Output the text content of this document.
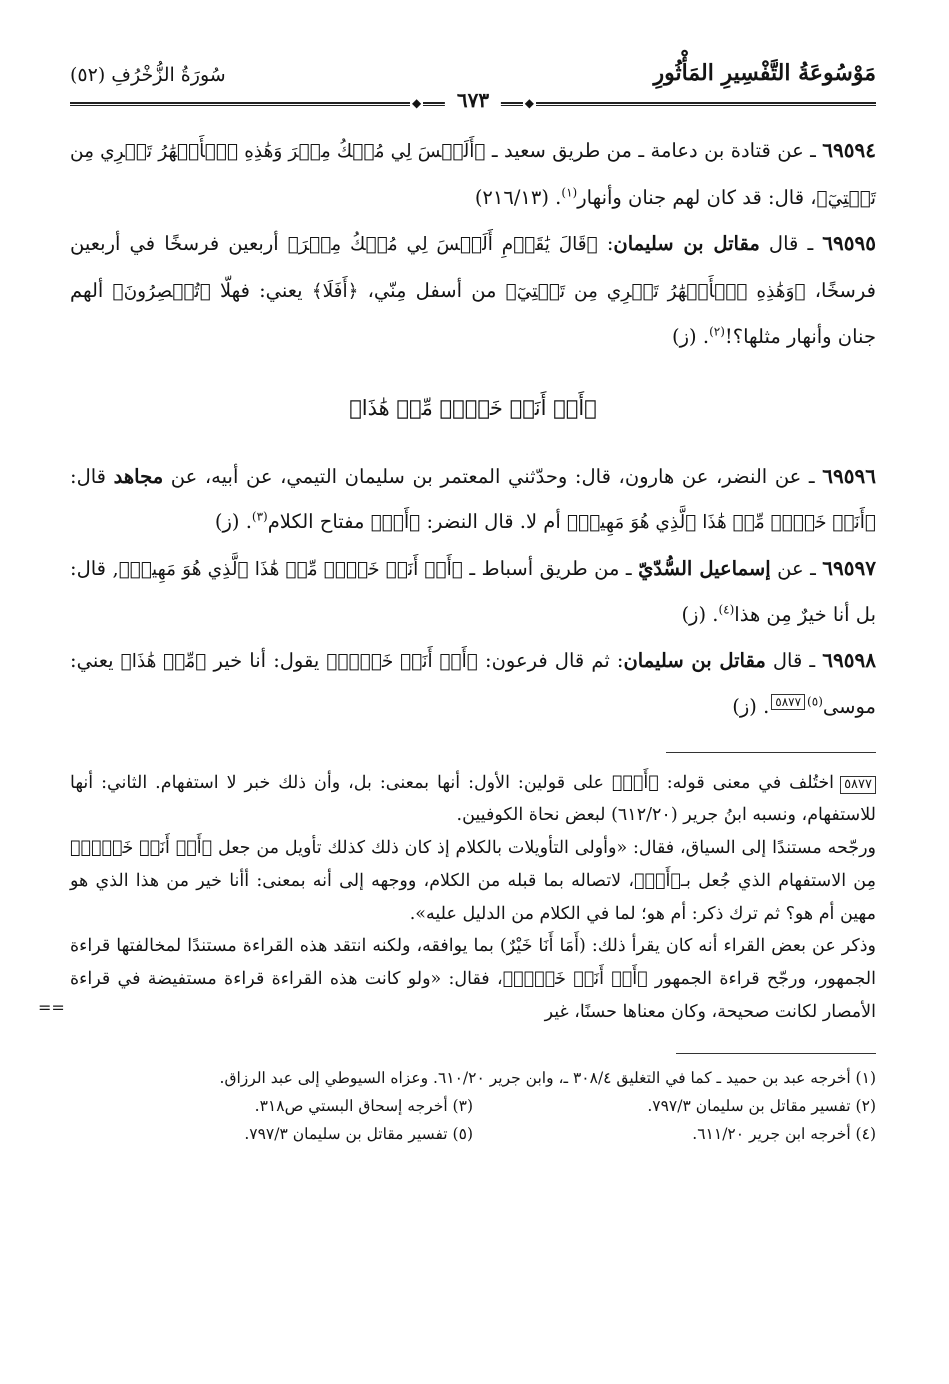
مَوْسُوعَةُ التَّفْسِيرِ المَأْثُورِ
سُورَةُ الزُّخْرُفِ (٥٢)
◆
٦٧٣
◆

٦٩٥٩٤ ـ عن قتادة بن دعامة ـ من طريق سعيد ـ ﴿أَلَيۡسَ لِي مُلۡكُ مِصۡرَ وَهَٰذِهِ ٱلۡأَنۡهَٰرُ تَجۡرِي مِن تَحۡتِيٓ﴾، قال: قد كان لهم جنان وأنهار$^{(١)}$. (٢١٦/١٣)

٦٩٥٩٥ ـ قال مقاتل بن سليمان: ﴿قَالَ يَٰقَوۡمِ أَلَيۡسَ لِي مُلۡكُ مِصۡرَ﴾ أربعين فرسخًا في أربعين فرسخًا، ﴿وَهَٰذِهِ ٱلۡأَنۡهَٰرُ تَجۡرِي مِن تَحۡتِيٓ﴾ من أسفل مِنّي، ﴿أَفَلَا﴾ يعني: فهلّا ﴿تُبۡصِرُونَ﴾ ألهم جنان وأنهار مثلها؟!$^{(٢)}$. (ز)

﴿أَمۡ أَنَا۠ خَيۡرٞ مِّنۡ هَٰذَا﴾

٦٩٥٩٦ ـ عن النضر، عن هارون، قال: وحدّثني المعتمر بن سليمان التيمي، عن أبيه، عن مجاهد قال: ﴿أَنَا۠ خَيۡرٞ مِّنۡ هَٰذَا ٱلَّذِي هُوَ مَهِينٞ﴾ أم لا. قال النضر: ﴿أَمۡ﴾ مفتاح الكلام$^{(٣)}$. (ز)

٦٩٥٩٧ ـ عن إسماعيل السُّدّيّ ـ من طريق أسباط ـ ﴿أَمۡ أَنَا۠ خَيۡرٞ مِّنۡ هَٰذَا ٱلَّذِي هُوَ مَهِينٞ﴾, قال: بل أنا خيرٌ مِن هذا$^{(٤)}$. (ز)

٦٩٥٩٨ ـ قال مقاتل بن سليمان: ثم قال فرعون: ﴿أَمۡ أَنَا۠ خَيۡرٞ﴾ يقول: أنا خير ﴿مِّنۡ هَٰذَا﴾ يعني: موسى$^{(٥)}$٥٨٧٧. (ز)

٥٨٧٧اختُلف في معنى قوله: ﴿أَمۡ﴾ على قولين: الأول: أنها بمعنى: بل، وأن ذلك خبر لا استفهام. الثاني: أنها للاستفهام، ونسبه ابنُ جرير (٦١٢/٢٠) لبعض نحاة الكوفيين.

ورجّحه مستندًا إلى السياق، فقال: «وأولى التأويلات بالكلام إذ كان ذلك كذلك تأويل من جعل ﴿أَمۡ أَنَا۠ خَيۡرٞ﴾ مِن الاستفهام الذي جُعل بـ﴿أَمۡ﴾، لاتصاله بما قبله من الكلام، ووجهه إلى أنه بمعنى: أأنا خير من هذا الذي هو مهين أم هو؟ ثم ترك ذكر: أم هو؛ لما في الكلام من الدليل عليه».

وذكر عن بعض القراء أنه كان يقرأ ذلك: (أَمَا أَنَا خَيْرٌ) بما يوافقه، ولكنه انتقد هذه القراءة مستندًا لمخالفتها قراءة الجمهور، ورجّح قراءة الجمهور ﴿أَمۡ أَنَا۠ خَيۡرٞ﴾، فقال: «ولو كانت هذه القراءة قراءة مستفيضة في قراءة الأمصار لكانت صحيحة، وكان معناها حسنًا، غير
==

(١) أخرجه عبد بن حميد ـ كما في التغليق ٣٠٨/٤ ـ، وابن جرير ٦١٠/٢٠. وعزاه السيوطي إلى عبد الرزاق.

(٢) تفسير مقاتل بن سليمان ٧٩٧/٣.
(٣) أخرجه إسحاق البستي ص٣١٨.
(٤) أخرجه ابن جرير ٦١١/٢٠.
(٥) تفسير مقاتل بن سليمان ٧٩٧/٣.
